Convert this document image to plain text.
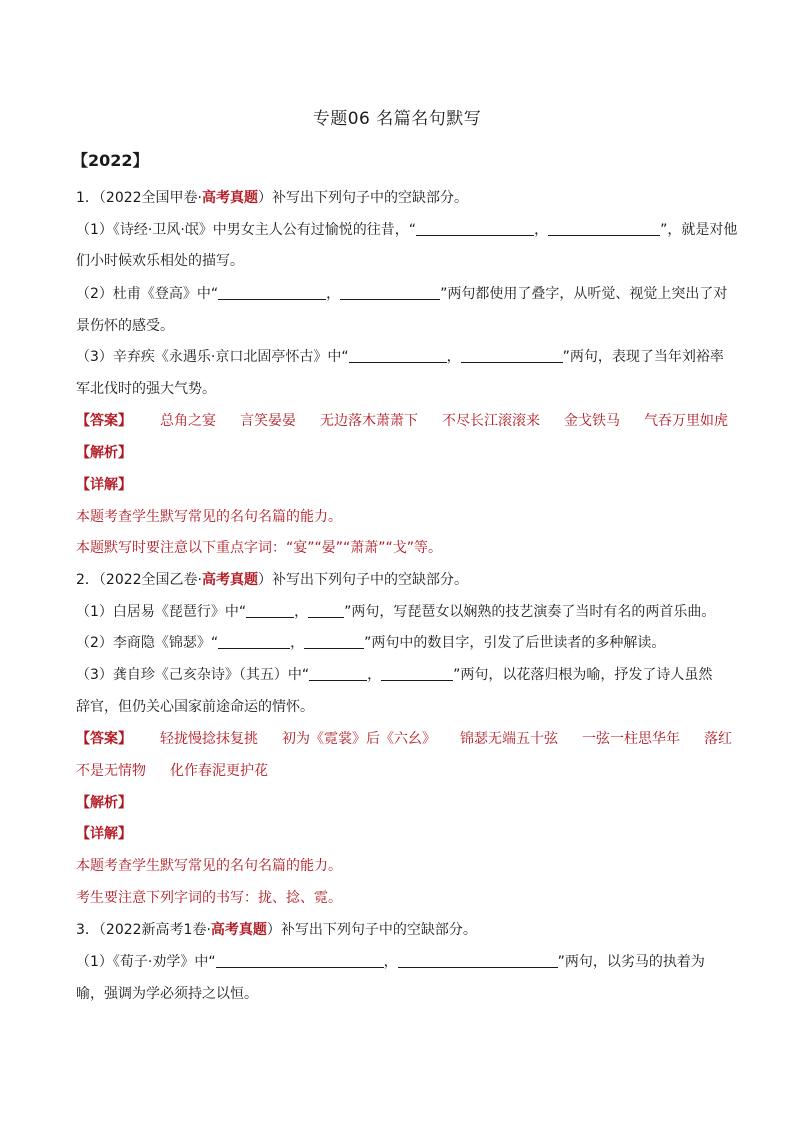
专题06 名篇名句默写
【2022】
1．（2022全国甲卷·高考真题）补写出下列句子中的空缺部分。
（1）《诗经·卫风·氓》中男女主人公有过愉悦的往昔，“	，	”，就是对他
们小时候欢乐相处的描写。
（2）杜甫《登高》中“	，	”两句都使用了叠字，从听觉、视觉上突出了对
景伤怀的感受。
（3）辛弃疾《永遇乐·京口北固亭怀古》中“	，	”两句，表现了当年刘裕率
军北伐时的强大气势。
【答案】 总角之宴 言笑晏晏 无边落木萧萧下 不尽长江滚滚来 金戈铁马 气吞万里如虎
【解析】
【详解】
本题考查学生默写常见的名句名篇的能力。
本题默写时要注意以下重点字词：“宴”“晏”“萧萧”“戈”等。
2．（2022全国乙卷·高考真题）补写出下列句子中的空缺部分。
（1）白居易《琵琶行》中“	，	”两句，写琵琶女以娴熟的技艺演奏了当时有名的两首乐曲。
（2）李商隐《锦瑟》“	，	”两句中的数目字，引发了后世读者的多种解读。
（3）龚自珍《己亥杂诗》（其五）中“	，	”两句，以花落归根为喻，抒发了诗人虽然
辞官，但仍关心国家前途命运的情怀。
【答案】 轻拢慢捻抹复挑 初为《霓裳》后《六幺》 锦瑟无端五十弦 一弦一柱思华年 落红
不是无情物 化作春泥更护花
【解析】
【详解】
本题考查学生默写常见的名句名篇的能力。
考生要注意下列字词的书写：拢、捻、霓。
3．（2022新高考1卷·高考真题）补写出下列句子中的空缺部分。
（1）《荀子·劝学》中“	，	”两句，以劣马的执着为
喻，强调为学必须持之以恒。
